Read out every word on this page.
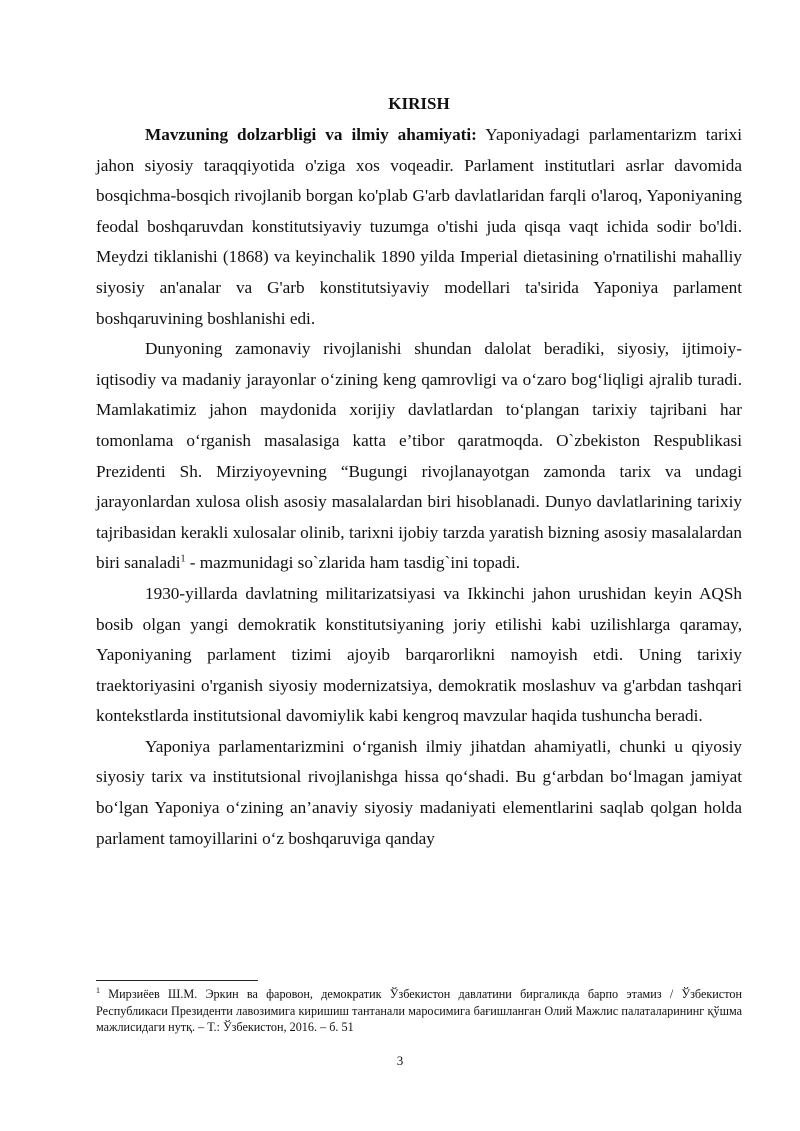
KIRISH

Mavzuning dolzarbligi va ilmiy ahamiyati: Yaponiyadagi parlamentarizm tarixi jahon siyosiy taraqqiyotida o'ziga xos voqeadir. Parlament institutlari asrlar davomida bosqichma-bosqich rivojlanib borgan ko'plab G'arb davlatlaridan farqli o'laroq, Yaponiyaning feodal boshqaruvdan konstitutsiyaviy tuzumga o'tishi juda qisqa vaqt ichida sodir bo'ldi. Meydzi tiklanishi (1868) va keyinchalik 1890 yilda Imperial dietasining o'rnatilishi mahalliy siyosiy an'analar va G'arb konstitutsiyaviy modellari ta'sirida Yaponiya parlament boshqaruvining boshlanishi edi.

Dunyoning zamonaviy rivojlanishi shundan dalolat beradiki, siyosiy, ijtimoiy-iqtisodiy va madaniy jarayonlar o‘zining keng qamrovligi va o‘zaro bog‘liqligi ajralib turadi. Mamlakatimiz jahon maydonida xorijiy davlatlardan to‘plangan tarixiy tajribani har tomonlama o‘rganish masalasiga katta e’tibor qaratmoqda. O`zbekiston Respublikasi Prezidenti Sh. Mirziyoyevning “Bugungi rivojlanayotgan zamonda tarix va undagi jarayonlardan xulosa olish asosiy masalalardan biri hisoblanadi. Dunyo davlatlarining tarixiy tajribasidan kerakli xulosalar olinib, tarixni ijobiy tarzda yaratish bizning asosiy masalalardan biri sanaladi$^1$ - mazmunidagi so`zlarida ham tasdig`ini topadi.

1930-yillarda davlatning militarizatsiyasi va Ikkinchi jahon urushidan keyin AQSh bosib olgan yangi demokratik konstitutsiyaning joriy etilishi kabi uzilishlarga qaramay, Yaponiyaning parlament tizimi ajoyib barqarorlikni namoyish etdi. Uning tarixiy traektoriyasini o'rganish siyosiy modernizatsiya, demokratik moslashuv va g'arbdan tashqari kontekstlarda institutsional davomiylik kabi kengroq mavzular haqida tushuncha beradi.

Yaponiya parlamentarizmini o‘rganish ilmiy jihatdan ahamiyatli, chunki u qiyosiy siyosiy tarix va institutsional rivojlanishga hissa qo‘shadi. Bu g‘arbdan bo‘lmagan jamiyat bo‘lgan Yaponiya o‘zining an’anaviy siyosiy madaniyati elementlarini saqlab qolgan holda parlament tamoyillarini o‘z boshqaruviga qanday

$^1$ Мирзиёев Ш.М. Эркин ва фаровон, демократик Ўзбекистон давлатини биргаликда барпо этамиз / Ўзбекистон Республикаси Президенти лавозимига киришиш тантанали маросимига бағишланган Олий Мажлис палаталарининг қўшма мажлисидаги нутқ. – Т.: Ўзбекистон, 2016. – б. 51

3
